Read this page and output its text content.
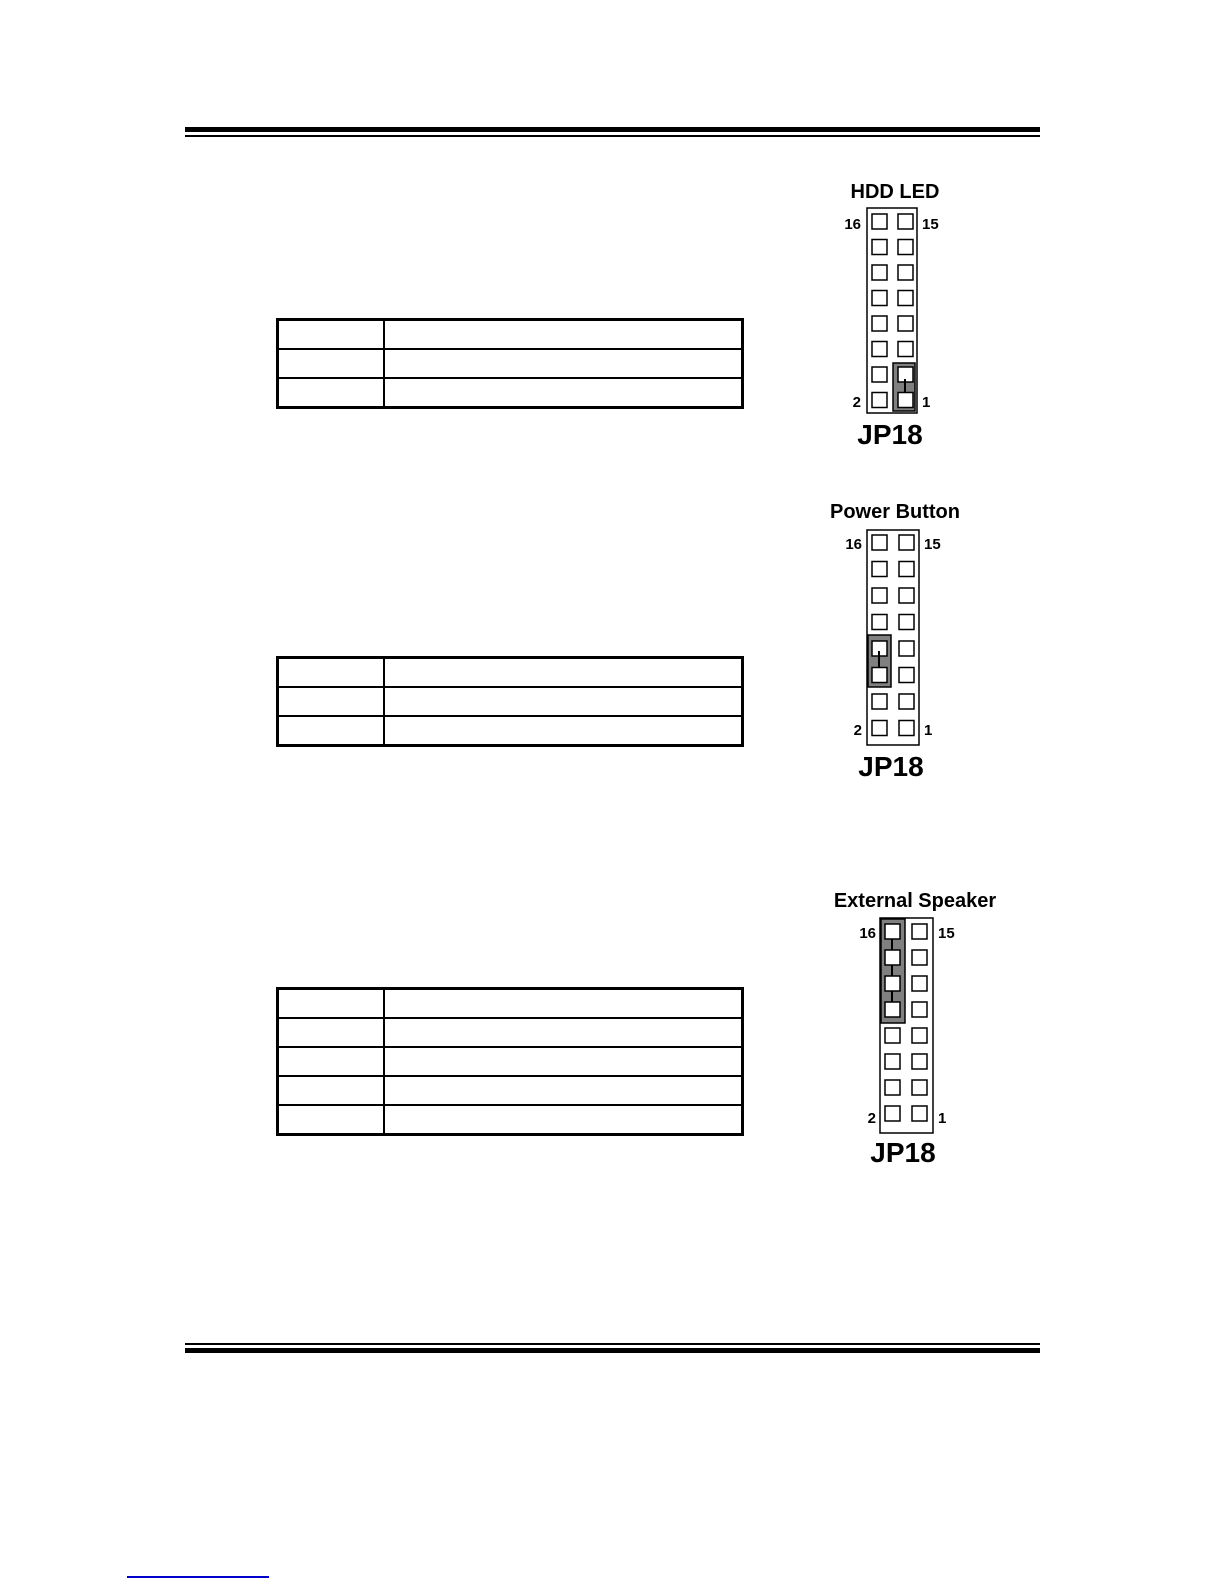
HDD LED
16	15
2	1
JP18
Power Button
16	15
2	1
JP18
External Speaker
16	15
2	1
JP18
